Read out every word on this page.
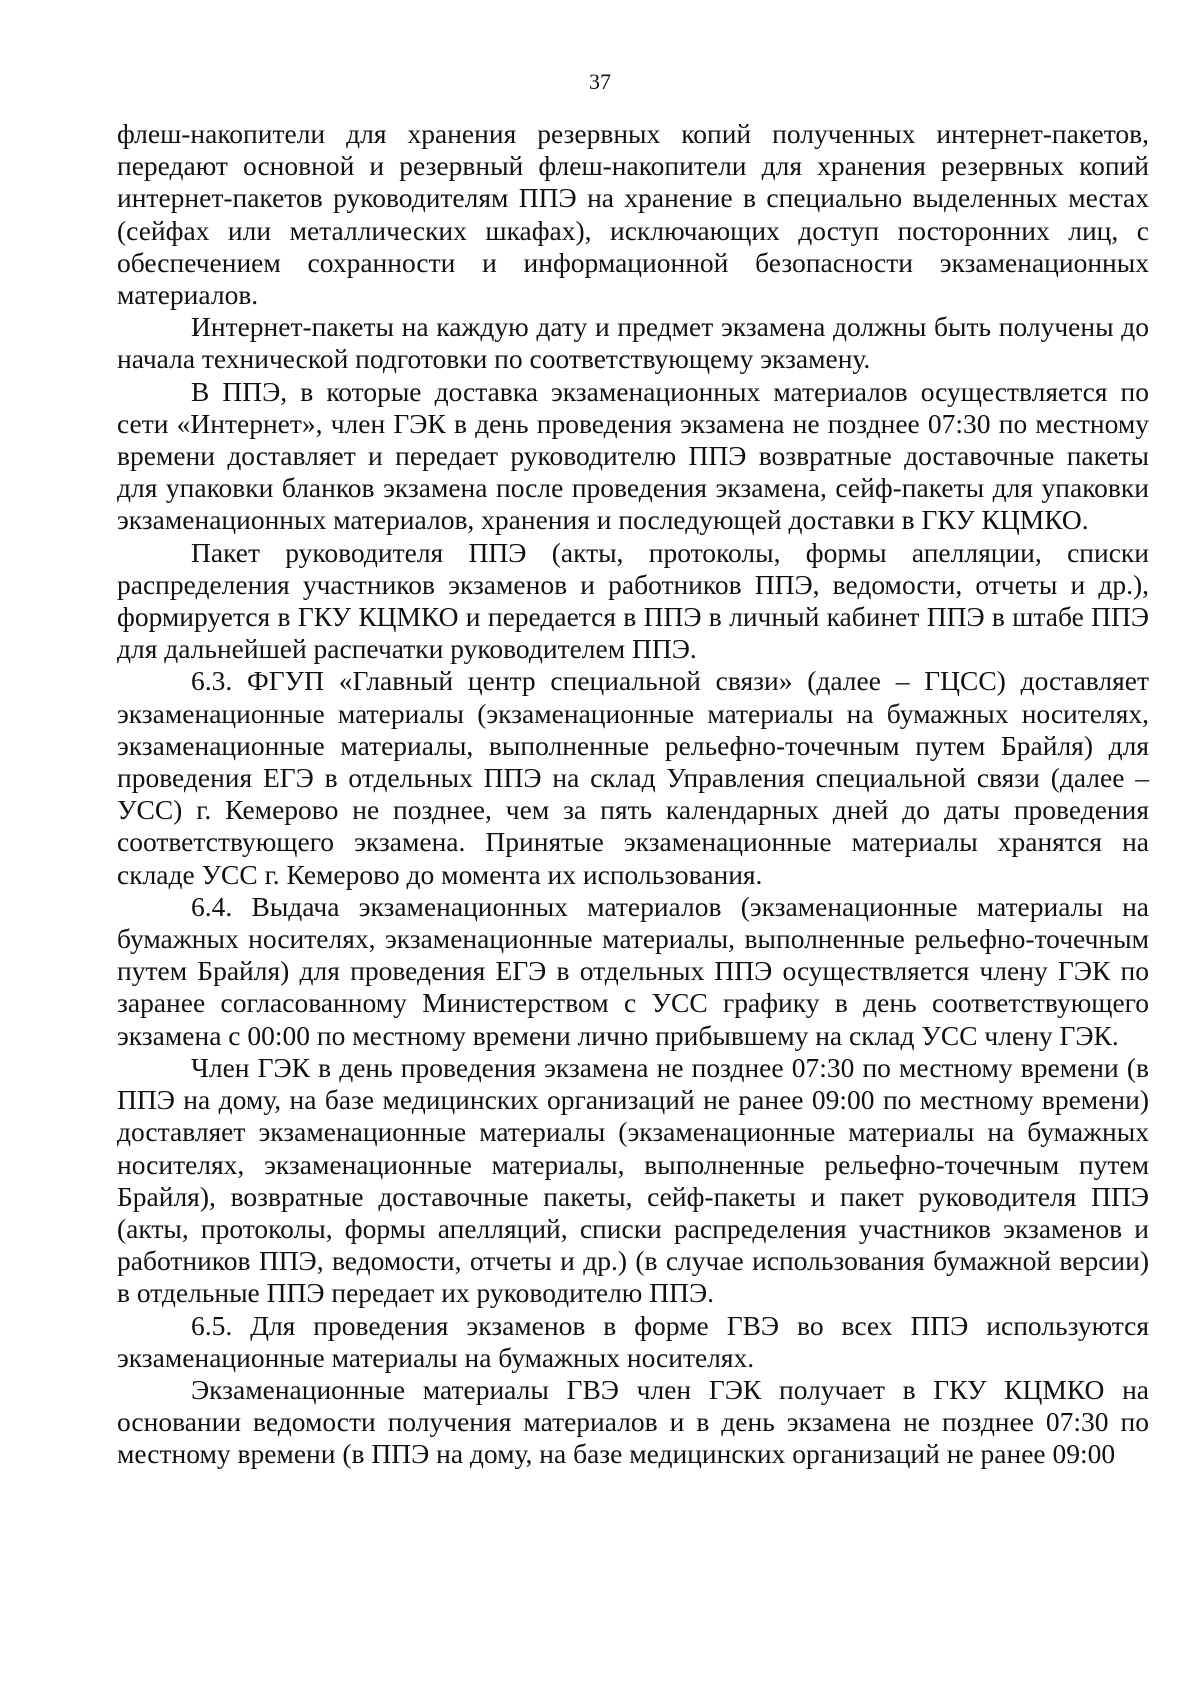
37

флеш-накопители для хранения резервных копий полученных интернет-пакетов, передают основной и резервный флеш-накопители для хранения резервных копий интернет-пакетов руководителям ППЭ на хранение в специально выделенных местах (сейфах или металлических шкафах), исключающих доступ посторонних лиц, с обеспечением сохранности и информационной безопасности экзаменационных материалов.

Интернет-пакеты на каждую дату и предмет экзамена должны быть получены до начала технической подготовки по соответствующему экзамену.

В ППЭ, в которые доставка экзаменационных материалов осуществляется по сети «Интернет», член ГЭК в день проведения экзамена не позднее 07:30 по местному времени доставляет и передает руководителю ППЭ возвратные доставочные пакеты для упаковки бланков экзамена после проведения экзамена, сейф-пакеты для упаковки экзаменационных материалов, хранения и последующей доставки в ГКУ КЦМКО.

Пакет руководителя ППЭ (акты, протоколы, формы апелляции, списки распределения участников экзаменов и работников ППЭ, ведомости, отчеты и др.), формируется в ГКУ КЦМКО и передается в ППЭ в личный кабинет ППЭ в штабе ППЭ для дальнейшей распечатки руководителем ППЭ.

6.3. ФГУП «Главный центр специальной связи» (далее – ГЦСС) доставляет экзаменационные материалы (экзаменационные материалы на бумажных носителях, экзаменационные материалы, выполненные рельефно-точечным путем Брайля) для проведения ЕГЭ в отдельных ППЭ на склад Управления специальной связи (далее – УСС) г. Кемерово не позднее, чем за пять календарных дней до даты проведения соответствующего экзамена. Принятые экзаменационные материалы хранятся на складе УСС г. Кемерово до момента их использования.

6.4. Выдача экзаменационных материалов (экзаменационные материалы на бумажных носителях, экзаменационные материалы, выполненные рельефно-точечным путем Брайля) для проведения ЕГЭ в отдельных ППЭ осуществляется члену ГЭК по заранее согласованному Министерством с УСС графику в день соответствующего экзамена с 00:00 по местному времени лично прибывшему на склад УСС члену ГЭК.

Член ГЭК в день проведения экзамена не позднее 07:30 по местному времени (в ППЭ на дому, на базе медицинских организаций не ранее 09:00 по местному времени) доставляет экзаменационные материалы (экзаменационные материалы на бумажных носителях, экзаменационные материалы, выполненные рельефно-точечным путем Брайля), возвратные доставочные пакеты, сейф-пакеты и пакет руководителя ППЭ (акты, протоколы, формы апелляций, списки распределения участников экзаменов и работников ППЭ, ведомости, отчеты и др.) (в случае использования бумажной версии) в отдельные ППЭ передает их руководителю ППЭ.

6.5. Для проведения экзаменов в форме ГВЭ во всех ППЭ используются экзаменационные материалы на бумажных носителях.

Экзаменационные материалы ГВЭ член ГЭК получает в ГКУ КЦМКО на основании ведомости получения материалов и в день экзамена не позднее 07:30 по местному времени (в ППЭ на дому, на базе медицинских организаций не ранее 09:00
